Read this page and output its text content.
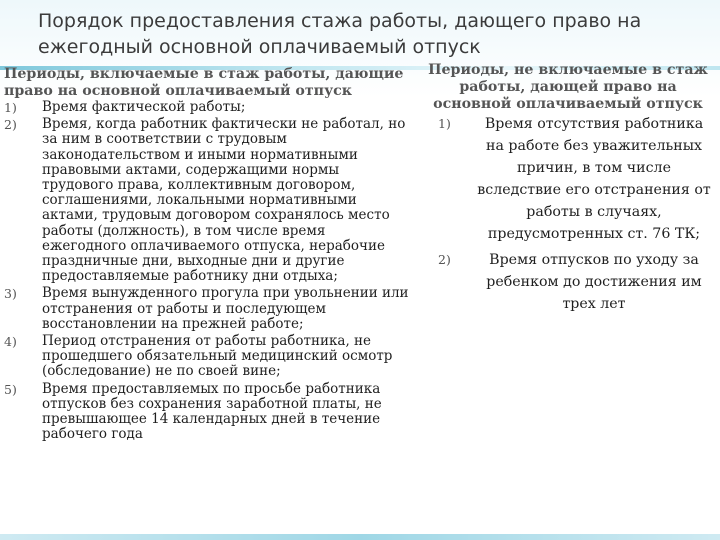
Порядок предоставления стажа работы, дающего право на ежегодный основной оплачиваемый отпуск

Периоды, включаемые в стаж работы, дающие право на основной оплачиваемый отпуск

1) Время фактической работы;
2) Время, когда работник фактически не работал, но за ним в соответствии с трудовым законодательством и иными нормативными правовыми актами, содержащими нормы трудового права, коллективным договором, соглашениями, локальными нормативными актами, трудовым договором сохранялось место работы (должность), в том числе время ежегодного оплачиваемого отпуска, нерабочие праздничные дни, выходные дни и другие предоставляемые работнику дни отдыха;
3) Время вынужденного прогула при увольнении или отстранения от работы и последующем восстановлении на прежней работе;
4) Период отстранения от работы работника, не прошедшего обязательный медицинский осмотр (обследование) не по своей вине;
5) Время предоставляемых по просьбе работника отпусков без сохранения заработной платы, не превышающее 14 календарных дней в течение рабочего года

Периоды, не включаемые в стаж работы, дающей право на основной оплачиваемый отпуск

1) Время отсутствия работника на работе без уважительных причин, в том числе вследствие его отстранения от работы в случаях, предусмотренных ст. 76 ТК;
2)	Время отпусков по уходу за ребенком до достижения им трех лет
